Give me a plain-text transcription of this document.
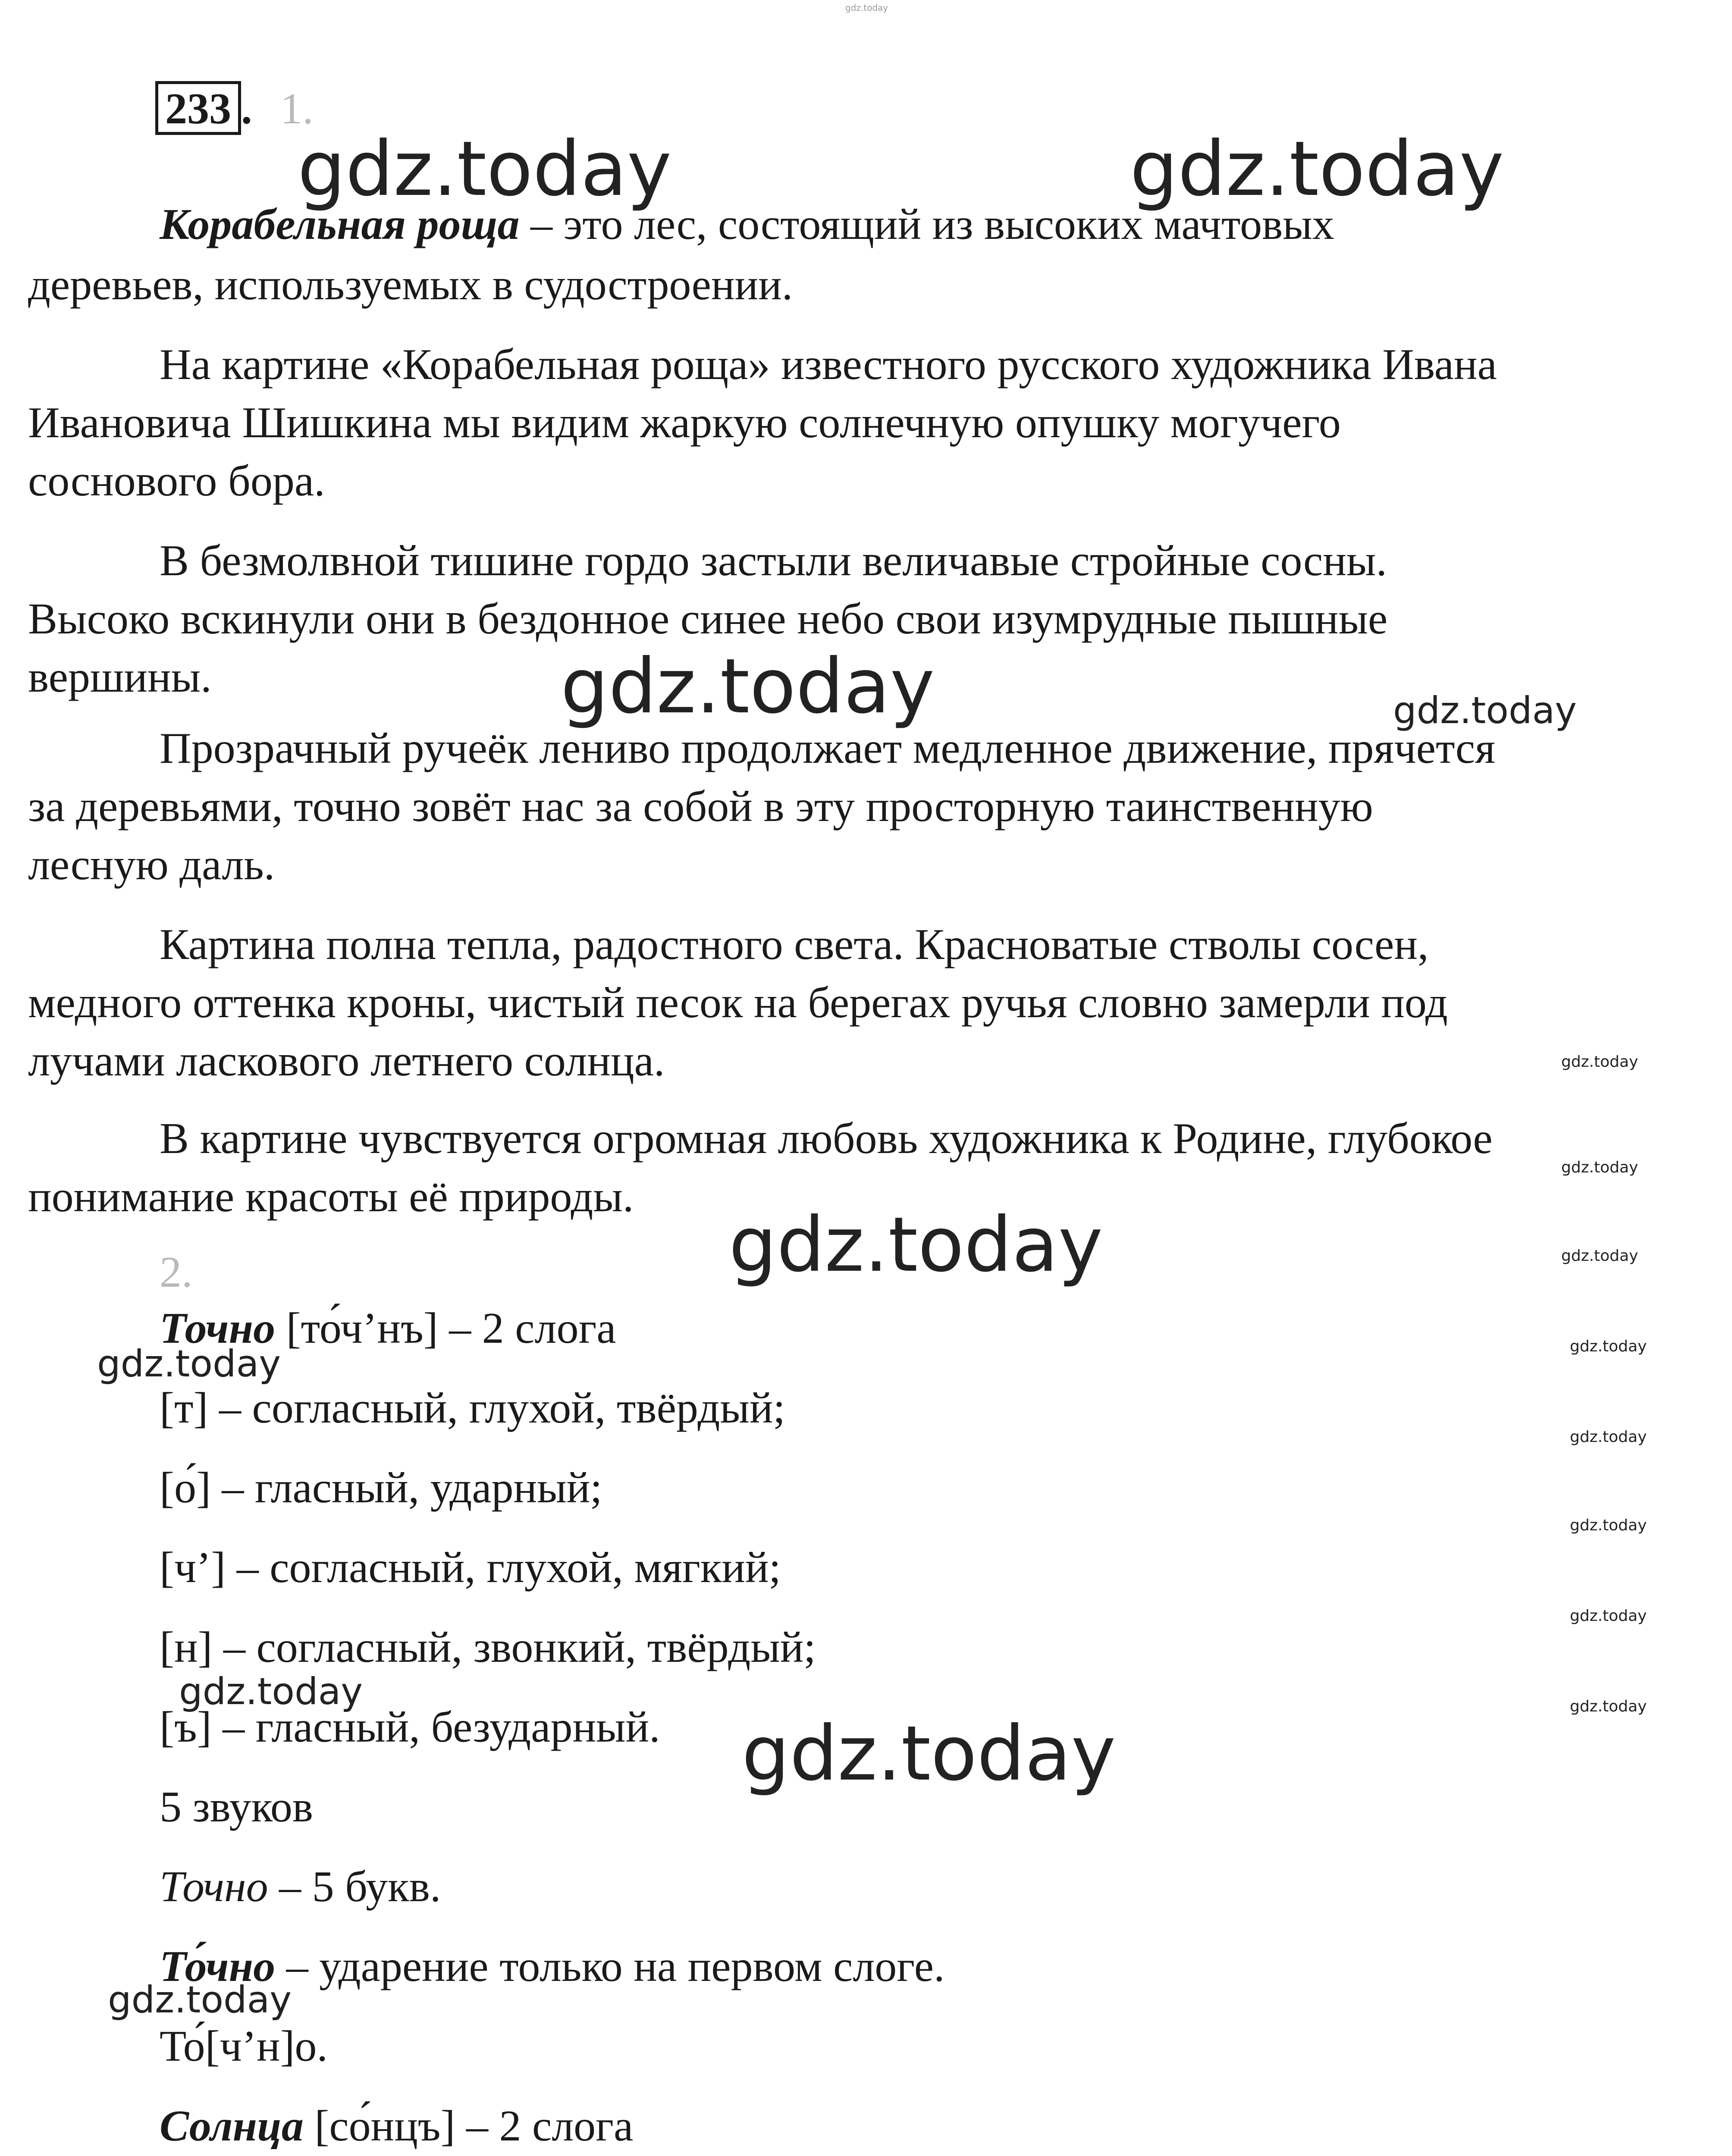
gdz.today
233 . 1.
Корабельная роща – это лес, состоящий из высоких мачтовых
деревьев, используемых в судостроении.
На картине «Корабельная роща» известного русского художника Ивана
Ивановича Шишкина мы видим жаркую солнечную опушку могучего
соснового бора.
В безмолвной тишине гордо застыли величавые стройные сосны.
Высоко вскинули они в бездонное синее небо свои изумрудные пышные
вершины.
Прозрачный ручеёк лениво продолжает медленное движение, прячется
за деревьями, точно зовёт нас за собой в эту просторную таинственную
лесную даль.
Картина полна тепла, радостного света. Красноватые стволы сосен,
медного оттенка кроны, чистый песок на берегах ручья словно замерли под
лучами ласкового летнего солнца.
В картине чувствуется огромная любовь художника к Родине, глубокое
понимание красоты её природы.
2.
Точно [то́ч’нъ] – 2 слога
[т] – согласный, глухой, твёрдый;
[о́] – гласный, ударный;
[ч’] – согласный, глухой, мягкий;
[н] – согласный, звонкий, твёрдый;
[ъ] – гласный, безударный.
5 звуков
Точно – 5 букв.
То́чно – ударение только на первом слоге.
То́[ч’н]о.
Солнца [со́нцъ] – 2 слога
gdz.today	gdz.today
gdz.today	gdz.today
gdz.today
gdz.today
gdz.today	gdz.today
gdz.today
gdz.today
gdz.today
gdz.today
gdz.today
gdz.today	gdz.today
gdz.today
gdz.today
